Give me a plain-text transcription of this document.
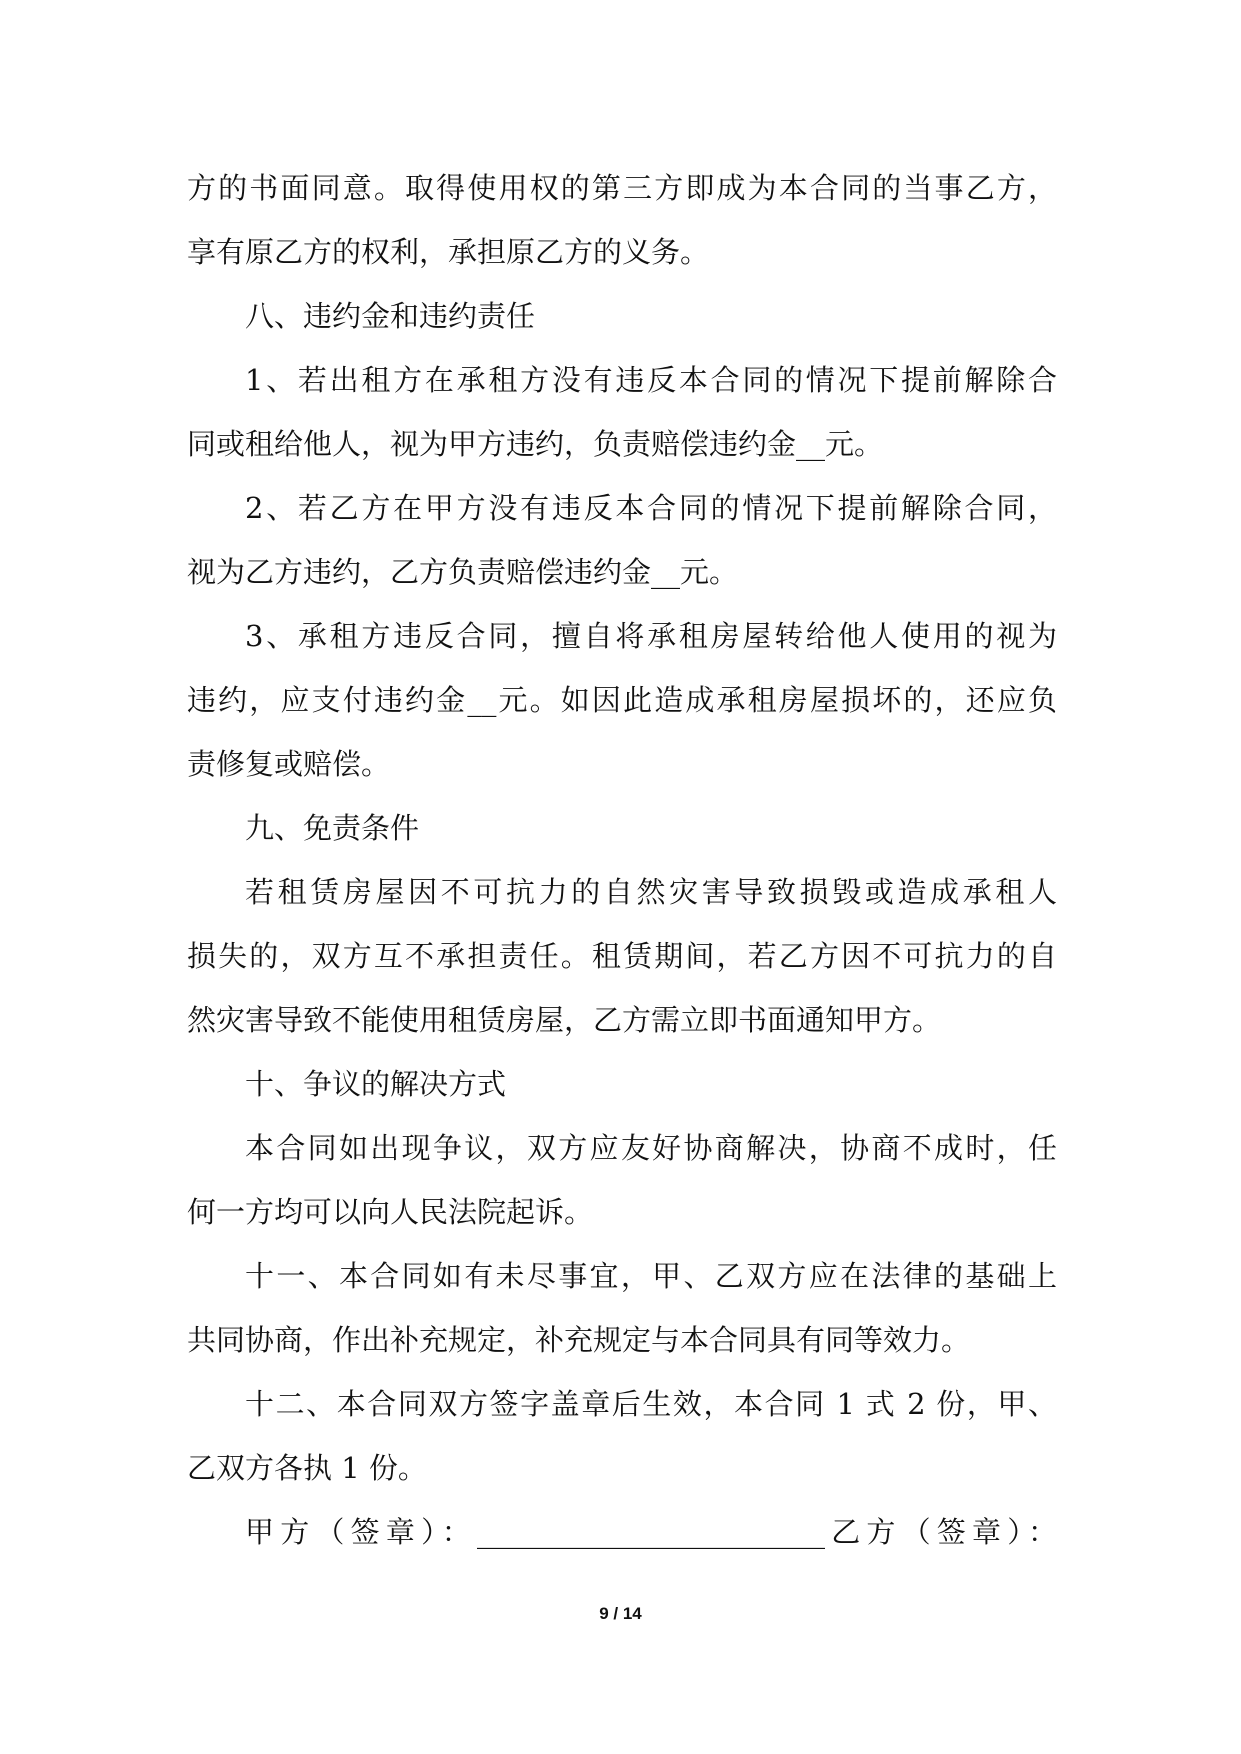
方的书面同意。取得使用权的第三方即成为本合同的当事乙方，
享有原乙方的权利，承担原乙方的义务。
八、违约金和违约责任
1、若出租方在承租方没有违反本合同的情况下提前解除合
同或租给他人，视为甲方违约，负责赔偿违约金__元。
2、若乙方在甲方没有违反本合同的情况下提前解除合同，
视为乙方违约，乙方负责赔偿违约金__元。
3、承租方违反合同，擅自将承租房屋转给他人使用的视为
违约，应支付违约金__元。如因此造成承租房屋损坏的，还应负
责修复或赔偿。
九、免责条件
若租赁房屋因不可抗力的自然灾害导致损毁或造成承租人
损失的，双方互不承担责任。租赁期间，若乙方因不可抗力的自
然灾害导致不能使用租赁房屋，乙方需立即书面通知甲方。
十、争议的解决方式
本合同如出现争议，双方应友好协商解决，协商不成时，任
何一方均可以向人民法院起诉。
十一、本合同如有未尽事宜，甲、乙双方应在法律的基础上
共同协商，作出补充规定，补充规定与本合同具有同等效力。
十二、本合同双方签字盖章后生效，本合同 1 式 2 份，甲、
乙双方各执 1 份。
甲方（签章）：________________________乙方（签章）：
9 / 14
